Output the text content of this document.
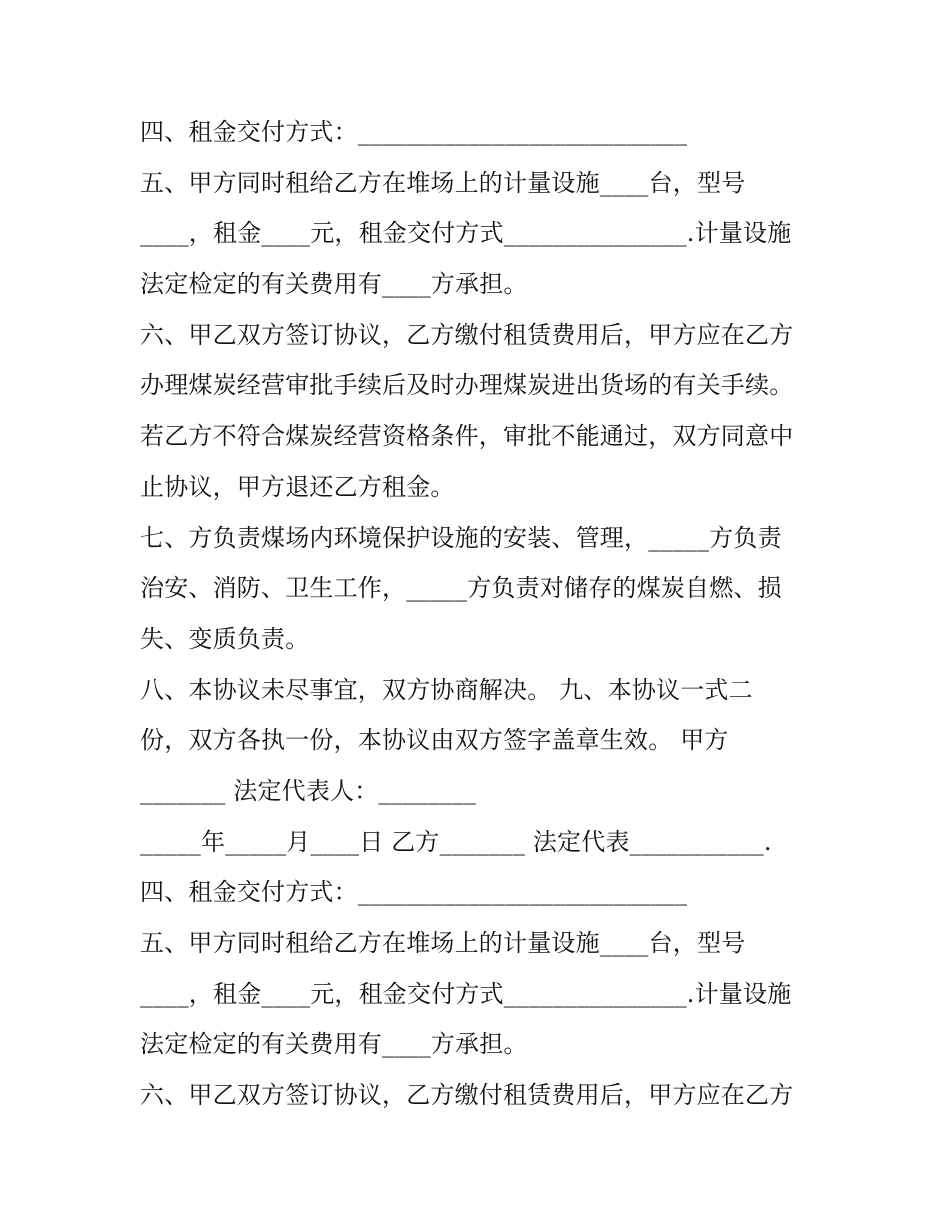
四、租金交付方式：___________________________
五、甲方同时租给乙方在堆场上的计量设施____台，型号
____，租金____元，租金交付方式_______________.计量设施
法定检定的有关费用有____方承担。
六、甲乙双方签订协议，乙方缴付租赁费用后，甲方应在乙方
办理煤炭经营审批手续后及时办理煤炭进出货场的有关手续。
若乙方不符合煤炭经营资格条件，审批不能通过，双方同意中
止协议，甲方退还乙方租金。
七、方负责煤场内环境保护设施的安装、管理，_____方负责
治安、消防、卫生工作，_____方负责对储存的煤炭自燃、损
失、变质负责。
八、本协议未尽事宜，双方协商解决。 九、本协议一式二
份，双方各执一份，本协议由双方签字盖章生效。 甲方
_______ 法定代表人：________
_____年_____月____日 乙方_______ 法定代表___________.
四、租金交付方式：___________________________
五、甲方同时租给乙方在堆场上的计量设施____台，型号
____，租金____元，租金交付方式_______________.计量设施
法定检定的有关费用有____方承担。
六、甲乙双方签订协议，乙方缴付租赁费用后，甲方应在乙方
